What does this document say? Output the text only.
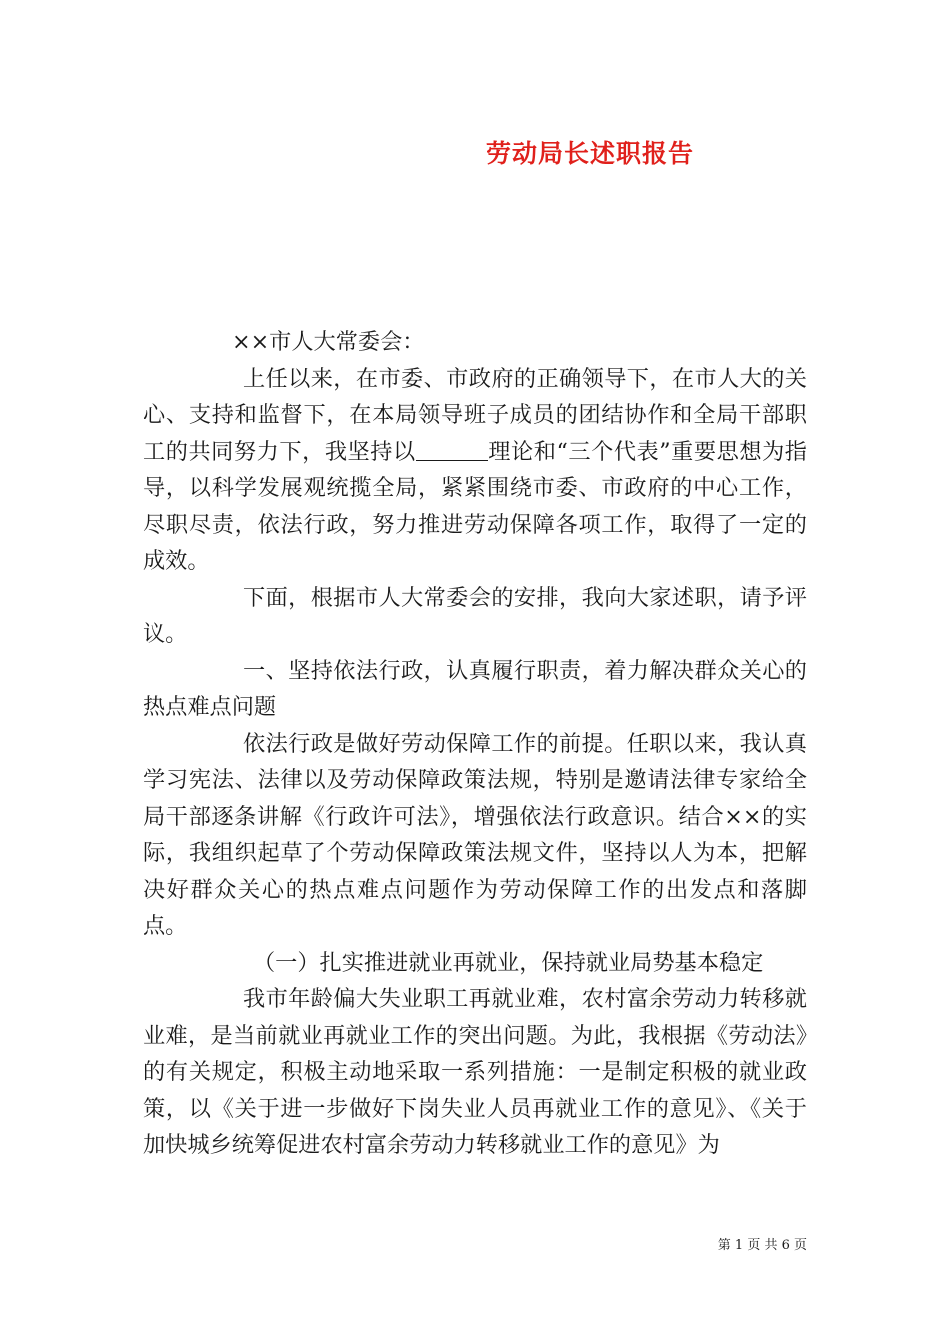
劳动局长述职报告

××市人大常委会：

上任以来，在市委、市政府的正确领导下，在市人大的关心、支持和监督下，在本局领导班子成员的团结协作和全局干部职工的共同努力下，我坚持以	理论和“三个代表”重要思想为指导，以科学发展观统揽全局，紧紧围绕市委、市政府的中心工作，尽职尽责，依法行政，努力推进劳动保障各项工作，取得了一定的成效。

下面，根据市人大常委会的安排，我向大家述职，请予评议。

一、坚持依法行政，认真履行职责，着力解决群众关心的热点难点问题

依法行政是做好劳动保障工作的前提。任职以来，我认真学习宪法、法律以及劳动保障政策法规，特别是邀请法律专家给全局干部逐条讲解《行政许可法》，增强依法行政意识。结合××的实际，我组织起草了个劳动保障政策法规文件，坚持以人为本，把解决好群众关心的热点难点问题作为劳动保障工作的出发点和落脚点。

（一）扎实推进就业再就业，保持就业局势基本稳定

我市年龄偏大失业职工再就业难，农村富余劳动力转移就业难，是当前就业再就业工作的突出问题。为此，我根据《劳动法》的有关规定，积极主动地采取一系列措施：一是制定积极的就业政策，以《关于进一步做好下岗失业人员再就业工作的意见》、《关于加快城乡统筹促进农村富余劳动力转移就业工作的意见》为

第 1 页 共 6 页
